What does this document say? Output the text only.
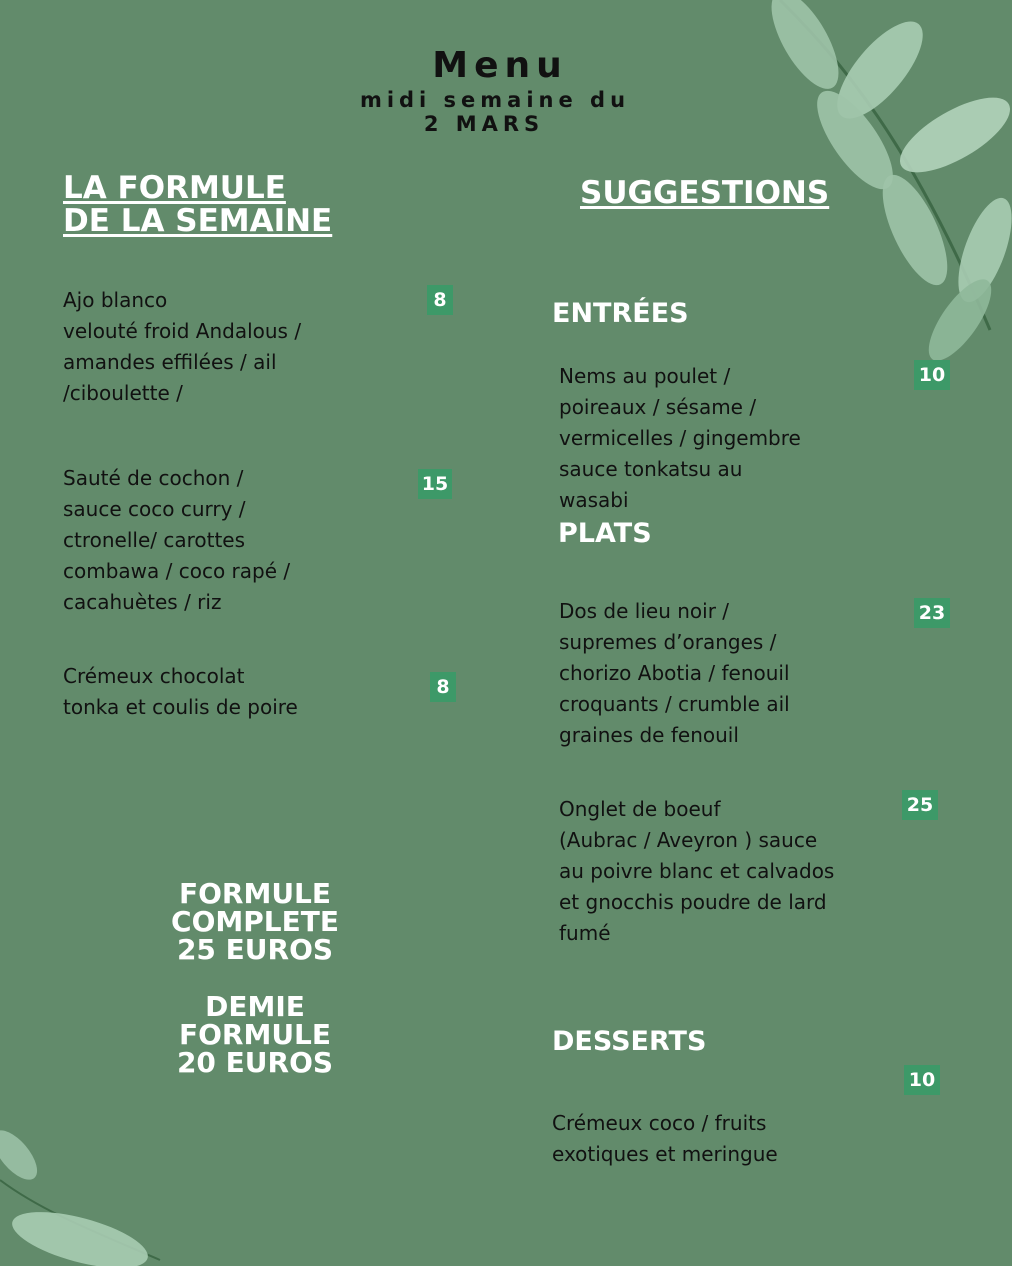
Menu
midi semaine du
2 MARS
LA FORMULE
DE LA SEMAINE
Ajo blanco
velouté froid Andalous /
amandes effilées / ail
/ciboulette /
8
Sauté de cochon /
sauce coco curry /
ctronelle/ carottes
combawa / coco rapé /
cacahuètes / riz
15
Crémeux chocolat
tonka et coulis de poire
8
FORMULE
COMPLETE
25 EUROS
DEMIE
FORMULE
20 EUROS
SUGGESTIONS
ENTRÉES
Nems au poulet /
poireaux / sésame /
vermicelles / gingembre
sauce tonkatsu au
wasabi
10
PLATS
Dos de lieu noir /
supremes d’oranges /
chorizo Abotia / fenouil
croquants / crumble ail
graines de fenouil
23
Onglet de boeuf
(Aubrac / Aveyron ) sauce
au poivre blanc et calvados
et gnocchis poudre de lard
fumé
25
DESSERTS
10
Crémeux coco / fruits
exotiques et meringue
